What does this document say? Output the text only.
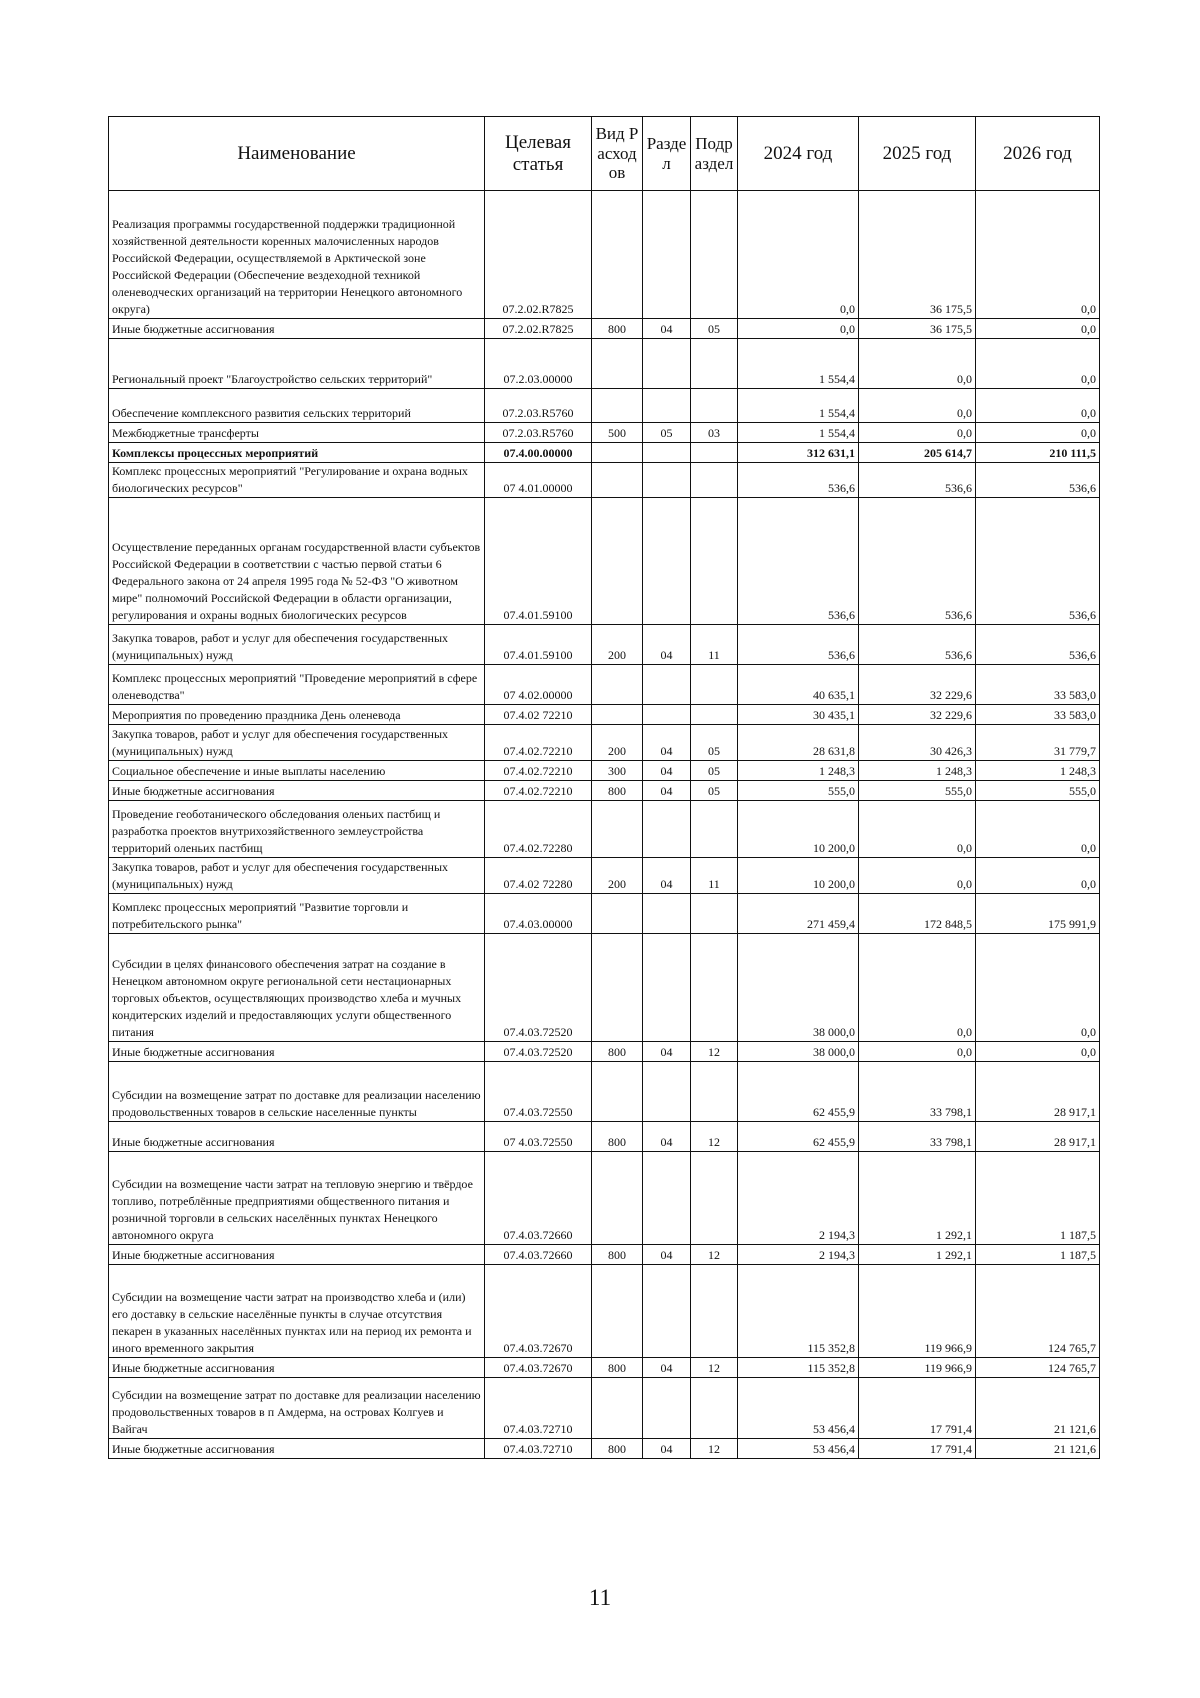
Наименование	Целевая статья	Вид Расходов	Раздел	Подраздел	2024 год	2025 год	2026 год
Реализация программы государственной поддержки традиционной хозяйственной деятельности коренных малочисленных народов Российской Федерации, осуществляемой в Арктической зоне Российской Федерации (Обеспечение вездеходной техникой оленеводческих организаций на территории Ненецкого автономного округа)	07.2.02.R7825				0,0	36 175,5	0,0
Иные бюджетные ассигнования	07.2.02.R7825	800	04	05	0,0	36 175,5	0,0
Региональный проект "Благоустройство сельских территорий"	07.2.03.00000				1 554,4	0,0	0,0
Обеспечение комплексного развития сельских территорий	07.2.03.R5760				1 554,4	0,0	0,0
Межбюджетные трансферты	07.2.03.R5760	500	05	03	1 554,4	0,0	0,0
Комплексы процессных мероприятий	07.4.00.00000				312 631,1	205 614,7	210 111,5
Комплекс процессных мероприятий "Регулирование и охрана водных биологических ресурсов"	07 4.01.00000				536,6	536,6	536,6
Осуществление переданных органам государственной власти субъектов Российской Федерации в соответствии с частью первой статьи 6 Федерального закона от 24 апреля 1995 года № 52-ФЗ "О животном мире" полномочий Российской Федерации в области организации, регулирования и охраны водных биологических ресурсов	07.4.01.59100				536,6	536,6	536,6
Закупка товаров, работ и услуг для обеспечения государственных (муниципальных) нужд	07.4.01.59100	200	04	11	536,6	536,6	536,6
Комплекс процессных мероприятий "Проведение мероприятий в сфере оленеводства"	07 4.02.00000				40 635,1	32 229,6	33 583,0
Мероприятия по проведению праздника День оленевода	07.4.02 72210				30 435,1	32 229,6	33 583,0
Закупка товаров, работ и услуг для обеспечения государственных (муниципальных) нужд	07.4.02.72210	200	04	05	28 631,8	30 426,3	31 779,7
Социальное обеспечение и иные выплаты населению	07.4.02.72210	300	04	05	1 248,3	1 248,3	1 248,3
Иные бюджетные ассигнования	07.4.02.72210	800	04	05	555,0	555,0	555,0
Проведение геоботанического обследования оленьих пастбищ и разработка проектов внутрихозяйственного землеустройства территорий оленьих пастбищ	07.4.02.72280				10 200,0	0,0	0,0
Закупка товаров, работ и услуг для обеспечения государственных (муниципальных) нужд	07.4.02 72280	200	04	11	10 200,0	0,0	0,0
Комплекс процессных мероприятий "Развитие торговли и потребительского рынка"	07.4.03.00000				271 459,4	172 848,5	175 991,9
Субсидии в целях финансового обеспечения затрат на создание в Ненецком автономном округе региональной сети нестационарных торговых объектов, осуществляющих производство хлеба и мучных кондитерских изделий и предоставляющих услуги общественного питания	07.4.03.72520				38 000,0	0,0	0,0
Иные бюджетные ассигнования	07.4.03.72520	800	04	12	38 000,0	0,0	0,0
Субсидии на возмещение затрат по доставке для реализации населению продовольственных товаров в сельские населенные пункты	07.4.03.72550				62 455,9	33 798,1	28 917,1
Иные бюджетные ассигнования	07 4.03.72550	800	04	12	62 455,9	33 798,1	28 917,1
Субсидии на возмещение части затрат на тепловую энергию и твёрдое топливо, потреблённые предприятиями общественного питания и розничной торговли в сельских населённых пунктах Ненецкого автономного округа	07.4.03.72660				2 194,3	1 292,1	1 187,5
Иные бюджетные ассигнования	07.4.03.72660	800	04	12	2 194,3	1 292,1	1 187,5
Субсидии на возмещение части затрат на производство хлеба и (или) его доставку в сельские населённые пункты в случае отсутствия пекарен в указанных населённых пунктах или на период их ремонта и иного временного закрытия	07.4.03.72670				115 352,8	119 966,9	124 765,7
Иные бюджетные ассигнования	07.4.03.72670	800	04	12	115 352,8	119 966,9	124 765,7
Субсидии на возмещение затрат по доставке для реализации населению продовольственных товаров в п Амдерма, на островах Колгуев и Вайгач	07.4.03.72710				53 456,4	17 791,4	21 121,6
Иные бюджетные ассигнования	07.4.03.72710	800	04	12	53 456,4	17 791,4	21 121,6
11
